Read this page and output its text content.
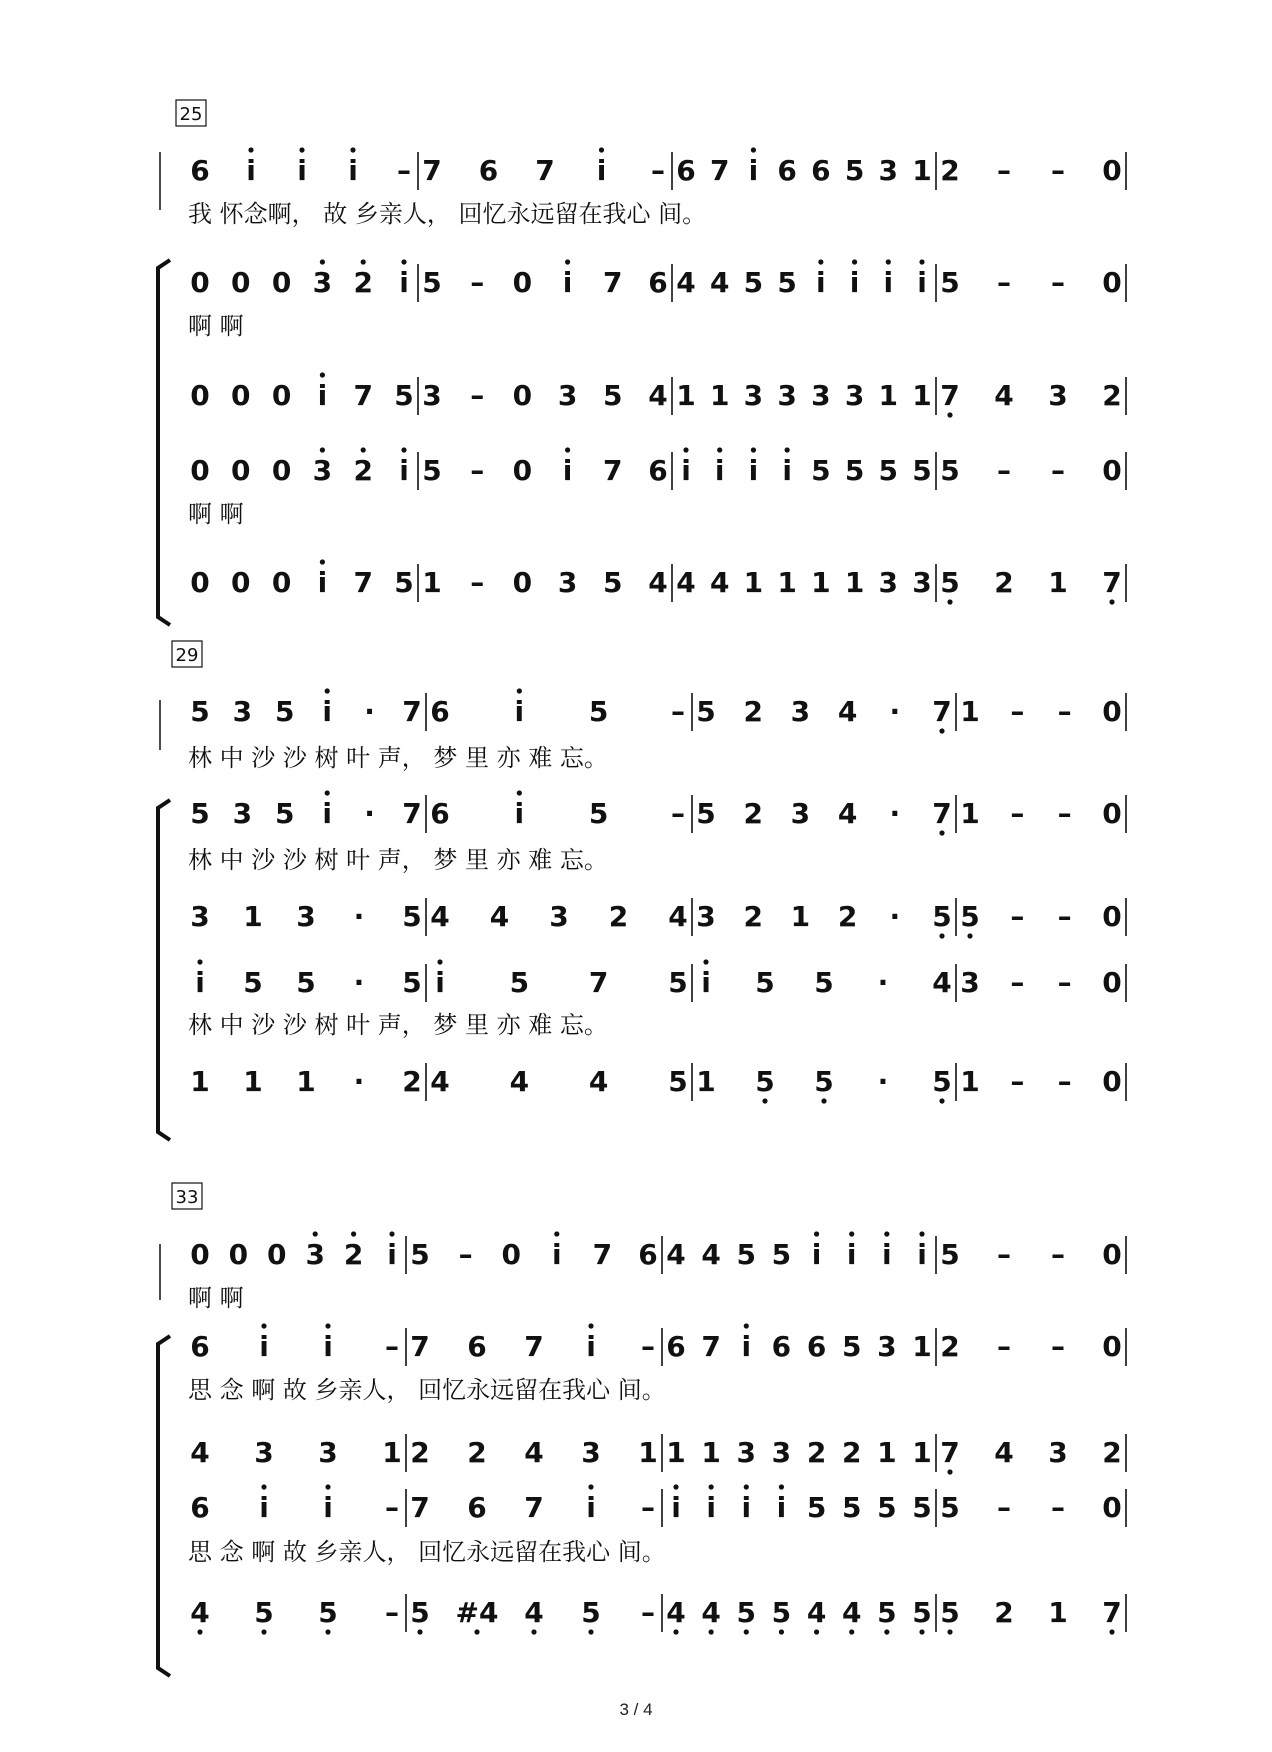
25
6 i i i – 7 6 7 i – 6 7 i 6 6 5 3 1 2 – – 0
我 怀念啊， 故 乡亲人， 回忆永远留在我心 间。
0 0 0 3 2 i 5 – 0 i 7 6 4 4 5 5 i i i i 5 – – 0
啊 啊
0 0 0 i 7 5 3 – 0 3 5 4 1 1 3 3 3 3 1 1 7 4 3 2
0 0 0 3 2 i 5 – 0 i 7 6 i i i i 5 5 5 5 5 – – 0
啊 啊
0 0 0 i 7 5 1 – 0 3 5 4 4 4 1 1 1 1 3 3 5 2 1 7
29
5 3 5 i · 7 6 i 5 – 5 2 3 4 · 7 1 – – 0
林 中 沙 沙 树 叶 声， 梦 里 亦 难 忘。
5 3 5 i · 7 6 i 5 – 5 2 3 4 · 7 1 – – 0
林 中 沙 沙 树 叶 声， 梦 里 亦 难 忘。
3 1 3 · 5 4 4 3 2 4 3 2 1 2 · 5 5 – – 0
i 5 5 · 5 i 5 7 5 i 5 5 · 4 3 – – 0
林 中 沙 沙 树 叶 声， 梦 里 亦 难 忘。
1 1 1 · 2 4 4 4 5 1 5 5 · 5 1 – – 0
33
0 0 0 3 2 i 5 – 0 i 7 6 4 4 5 5 i i i i 5 – – 0
啊 啊
6 i i – 7 6 7 i – 6 7 i 6 6 5 3 1 2 – – 0
思 念 啊 故 乡亲人， 回忆永远留在我心 间。
4 3 3 1 2 2 4 3 1 1 1 3 3 2 2 1 1 7 4 3 2
6 i i – 7 6 7 i – i i i i 5 5 5 5 5 – – 0
思 念 啊 故 乡亲人， 回忆永远留在我心 间。
4 5 5 – 5 #4 4 5 – 4 4 5 5 4 4 5 5 5 2 1 7
3 / 4
